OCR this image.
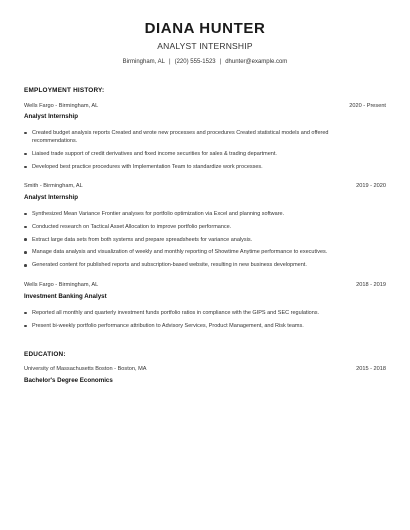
DIANA HUNTER
ANALYST INTERNSHIP
Birmingham, AL | (220) 555-1523 | dhunter@example.com
EMPLOYMENT HISTORY:
Wells Fargo - Birmingham, AL	2020 - Present
Analyst Internship
Created budget analysis reports Created and wrote new processes and procedures Created statistical models and offered recommendations.
Liaised trade support of credit derivatives and fixed income securities for sales & trading department.
Developed best practice procedures with Implementation Team to standardize work processes.
Smith - Birmingham, AL	2019 - 2020
Analyst Internship
Synthesized Mean Variance Frontier analyses for portfolio optimization via Excel and planning software.
Conducted research on Tactical Asset Allocation to improve portfolio performance.
Extract large data sets from both systems and prepare spreadsheets for variance analysis.
Manage data analysis and visualization of weekly and monthly reporting of Showtime Anytime performance to executives.
Generated content for published reports and subscription-based website, resulting in new business development.
Wells Fargo - Birmingham, AL	2018 - 2019
Investment Banking Analyst
Reported all monthly and quarterly investment funds portfolio ratios in compliance with the GIPS and SEC regulations.
Present bi-weekly portfolio performance attribution to Advisory Services, Product Management, and Risk teams.
EDUCATION:
University of Massachusetts Boston - Boston, MA	2015 - 2018
Bachelor's Degree Economics
